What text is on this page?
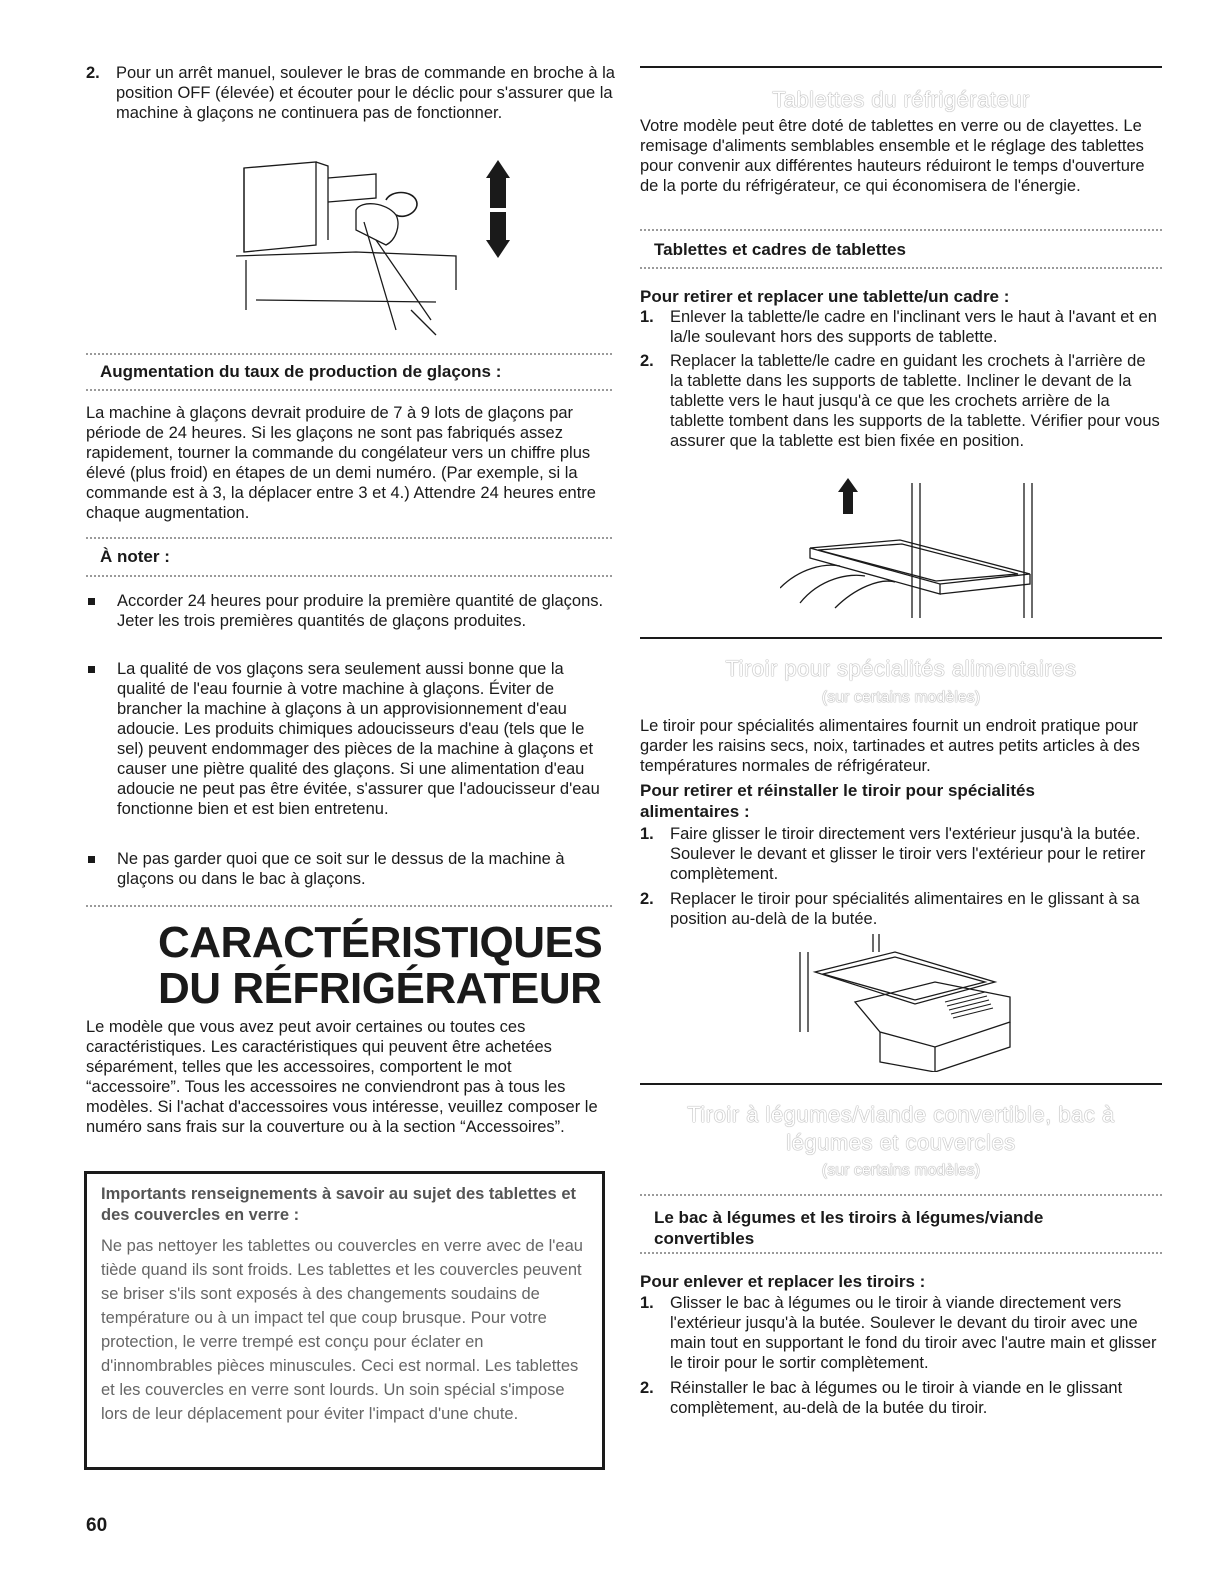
2. Pour un arrêt manuel, soulever le bras de commande en broche à la position OFF (élevée) et écouter pour le déclic pour s'assurer que la machine à glaçons ne continuera pas de fonctionner.

Augmentation du taux de production de glaçons :

La machine à glaçons devrait produire de 7 à 9 lots de glaçons par période de 24 heures. Si les glaçons ne sont pas fabriqués assez rapidement, tourner la commande du congélateur vers un chiffre plus élevé (plus froid) en étapes de un demi numéro. (Par exemple, si la commande est à 3, la déplacer entre 3 et 4.) Attendre 24 heures entre chaque augmentation.

À noter :

Accorder 24 heures pour produire la première quantité de glaçons. Jeter les trois premières quantités de glaçons produites.

La qualité de vos glaçons sera seulement aussi bonne que la qualité de l'eau fournie à votre machine à glaçons. Éviter de brancher la machine à glaçons à un approvisionnement d'eau adoucie. Les produits chimiques adoucisseurs d'eau (tels que le sel) peuvent endommager des pièces de la machine à glaçons et causer une piètre qualité des glaçons. Si une alimentation d'eau adoucie ne peut pas être évitée, s'assurer que l'adoucisseur d'eau fonctionne bien et est bien entretenu.

Ne pas garder quoi que ce soit sur le dessus de la machine à glaçons ou dans le bac à glaçons.

CARACTÉRISTIQUES
DU RÉFRIGÉRATEUR

Le modèle que vous avez peut avoir certaines ou toutes ces caractéristiques. Les caractéristiques qui peuvent être achetées séparément, telles que les accessoires, comportent le mot “accessoire”. Tous les accessoires ne conviendront pas à tous les modèles. Si l'achat d'accessoires vous intéresse, veuillez composer le numéro sans frais sur la couverture ou à la section “Accessoires”.

Importants renseignements à savoir au sujet des tablettes et des couvercles en verre :

Ne pas nettoyer les tablettes ou couvercles en verre avec de l'eau tiède quand ils sont froids. Les tablettes et les couvercles peuvent se briser s'ils sont exposés à des changements soudains de température ou à un impact tel que coup brusque. Pour votre protection, le verre trempé est conçu pour éclater en d'innombrables pièces minuscules. Ceci est normal. Les tablettes et les couvercles en verre sont lourds. Un soin spécial s'impose lors de leur déplacement pour éviter l'impact d'une chute.

Tablettes du réfrigérateur

Votre modèle peut être doté de tablettes en verre ou de clayettes. Le remisage d'aliments semblables ensemble et le réglage des tablettes pour convenir aux différentes hauteurs réduiront le temps d'ouverture de la porte du réfrigérateur, ce qui économisera de l'énergie.

Tablettes et cadres de tablettes
Pour retirer et replacer une tablette/un cadre :
1. Enlever la tablette/le cadre en l'inclinant vers le haut à l'avant et en la/le soulevant hors des supports de tablette.

2. Replacer la tablette/le cadre en guidant les crochets à l'arrière de la tablette dans les supports de tablette. Incliner le devant de la tablette vers le haut jusqu'à ce que les crochets arrière de la tablette tombent dans les supports de la tablette. Vérifier pour vous assurer que la tablette est bien fixée en position.

Tiroir pour spécialités alimentaires
(sur certains modèles)

Le tiroir pour spécialités alimentaires fournit un endroit pratique pour garder les raisins secs, noix, tartinades et autres petits articles à des températures normales de réfrigérateur.

Pour retirer et réinstaller le tiroir pour spécialités alimentaires :
1. Faire glisser le tiroir directement vers l'extérieur jusqu'à la butée. Soulever le devant et glisser le tiroir vers l'extérieur pour le retirer complètement.

2. Replacer le tiroir pour spécialités alimentaires en le glissant à sa position au-delà de la butée.

Tiroir à légumes/viande convertible, bac à
légumes et couvercles
(sur certains modèles)
Le bac à légumes et les tiroirs à légumes/viande convertibles
Pour enlever et replacer les tiroirs :
1. Glisser le bac à légumes ou le tiroir à viande directement vers l'extérieur jusqu'à la butée. Soulever le devant du tiroir avec une main tout en supportant le fond du tiroir avec l'autre main et glisser le tiroir pour le sortir complètement.

2. Réinstaller le bac à légumes ou le tiroir à viande en le glissant complètement, au-delà de la butée du tiroir.

60
